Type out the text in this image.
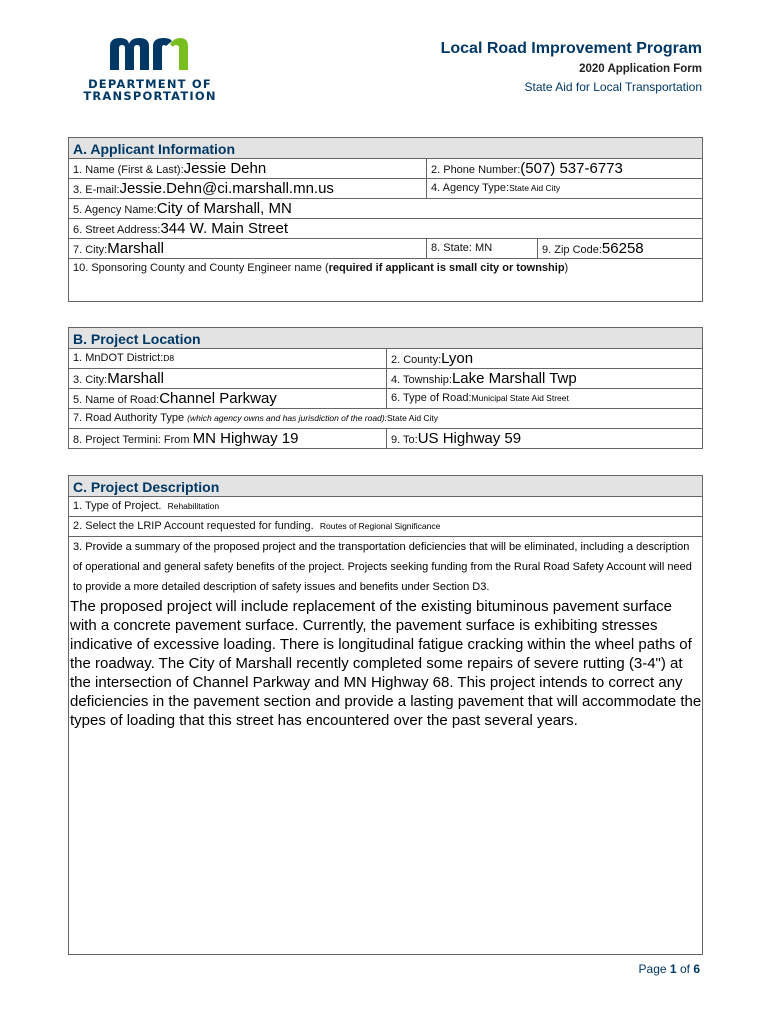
DEPARTMENT OF
TRANSPORTATION
Local Road Improvement Program
2020 Application Form
State Aid for Local Transportation
A. Applicant Information
1. Name (First & Last):Jessie Dehn	2. Phone Number:(507) 537-6773
3. E-mail:Jessie.Dehn@ci.marshall.mn.us	4. Agency Type:State Aid City
5. Agency Name:City of Marshall, MN
6. Street Address:344 W. Main Street
7. City:Marshall	8. State: MN	9. Zip Code:56258
10. Sponsoring County and County Engineer name (required if applicant is small city or township)
B. Project Location
1. MnDOT District:D8	2. County:Lyon
3. City:Marshall	4. Township:Lake Marshall Twp
5. Name of Road:Channel Parkway	6. Type of Road:Municipal State Aid Street
7. Road Authority Type (which agency owns and has jurisdiction of the road):State Aid City
8. Project Termini: From MN Highway 19	9. To:US Highway 59
C. Project Description
1. Type of Project. Rehabilitation
2. Select the LRIP Account requested for funding. Routes of Regional Significance
3. Provide a summary of the proposed project and the transportation deficiencies that will be eliminated, including a description of operational and general safety benefits of the project. Projects seeking funding from the Rural Road Safety Account will need to provide a more detailed description of safety issues and benefits under Section D3.
The proposed project will include replacement of the existing bituminous pavement surface with a concrete pavement surface. Currently, the pavement surface is exhibiting stresses indicative of excessive loading. There is longitudinal fatigue cracking within the wheel paths of the roadway. The City of Marshall recently completed some repairs of severe rutting (3-4") at the intersection of Channel Parkway and MN Highway 68. This project intends to correct any deficiencies in the pavement section and provide a lasting pavement that will accommodate the types of loading that this street has encountered over the past several years.
Page 1 of 6
